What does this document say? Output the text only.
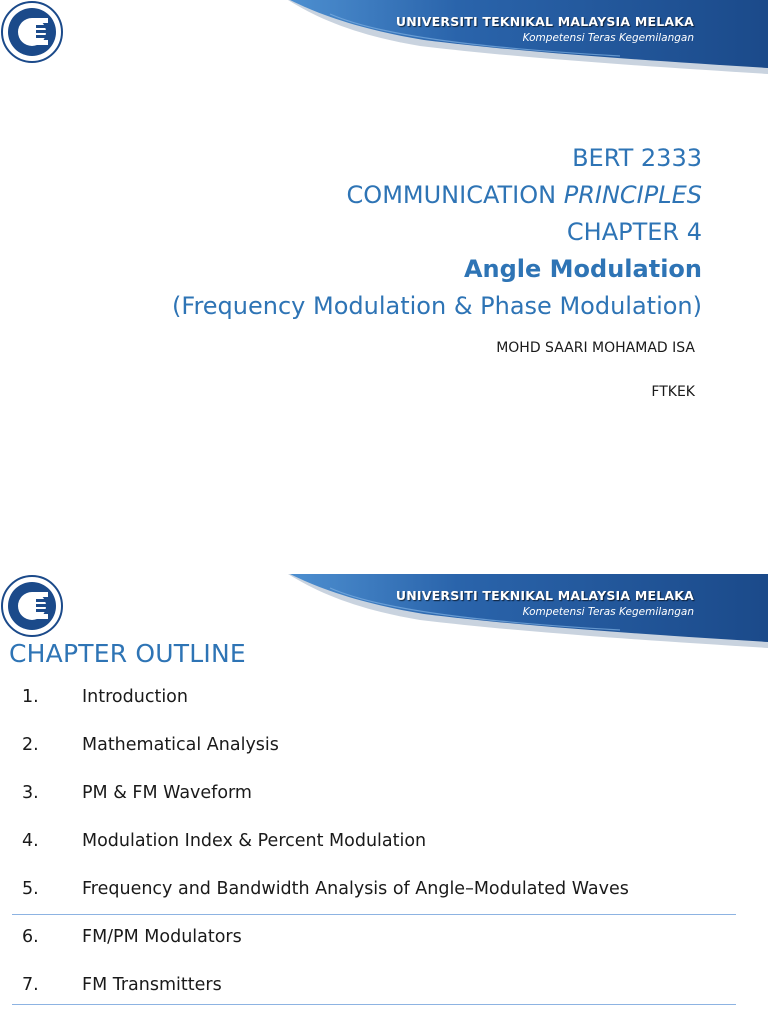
UNIVERSITI TEKNIKAL MALAYSIA MELAKA
Kompetensi Teras Kegemilangan
BERT 2333
COMMUNICATION PRINCIPLES
CHAPTER 4
Angle Modulation
(Frequency Modulation & Phase Modulation)
MOHD SAARI MOHAMAD ISA
FTKEK
UNIVERSITI TEKNIKAL MALAYSIA MELAKA
Kompetensi Teras Kegemilangan
CHAPTER OUTLINE
1. Introduction
2. Mathematical Analysis
3. PM & FM Waveform
4. Modulation Index & Percent Modulation
5. Frequency and Bandwidth Analysis of Angle–Modulated Waves
6. FM/PM Modulators
7. FM Transmitters
